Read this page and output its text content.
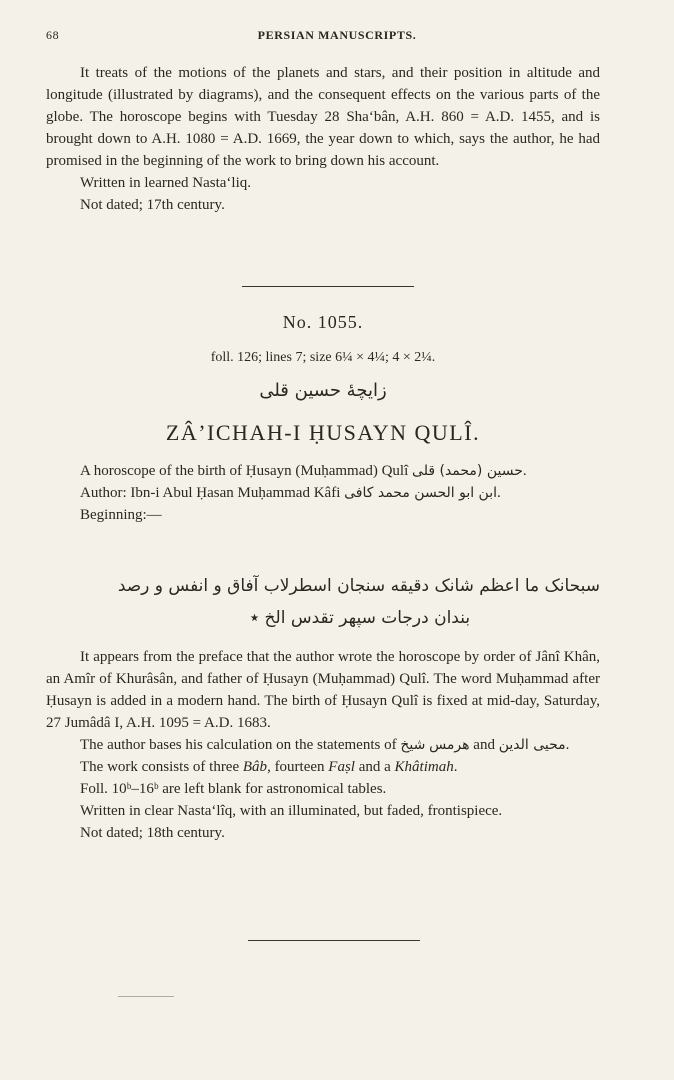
68	PERSIAN MANUSCRIPTS.

It treats of the motions of the planets and stars, and their position in altitude and longitude (illustrated by diagrams), and the consequent effects on the various parts of the globe. The horoscope begins with Tuesday 28 Sha‘bân, A.H. 860 = A.D. 1455, and is brought down to A.H. 1080 = A.D. 1669, the year down to which, says the author, he had promised in the beginning of the work to bring down his account.

Written in learned Nasta‘liq.

Not dated; 17th century.

No. 1055.
foll. 126; lines 7; size 6¼ × 4¼; 4 × 2¼.
زایچهٔ حسین قلی
ZÂ’ICHAH-I ḤUSAYN QULÎ.

A horoscope of the birth of Ḥusayn (Muḥammad) Qulî حسین (محمد) قلی.

Author: Ibn-i Abul Ḥasan Muḥammad Kâfi ابن ابو الحسن محمد کافی.

Beginning:—

سبحانک ما اعظم شانک دقیقه سنجان اسطرلاب آفاق و انفس و رصد
بندان درجات سپهر تقدس الخ ٭

It appears from the preface that the author wrote the horoscope by order of Jânî Khân, an Amîr of Khurâsân, and father of Ḥusayn (Muḥammad) Qulî. The word Muḥammad after Ḥusayn is added in a modern hand. The birth of Ḥusayn Qulî is fixed at mid-day, Saturday, 27 Jumâdâ I, A.H. 1095 = A.D. 1683.

The author bases his calculation on the statements of شیخ هرمس and محیی الدین.

The work consists of three Bâb, fourteen Faṣl and a Khâtimah.

Foll. 10ᵇ–16ᵇ are left blank for astronomical tables.

Written in clear Nasta‘lîq, with an illuminated, but faded, frontispiece.

Not dated; 18th century.
